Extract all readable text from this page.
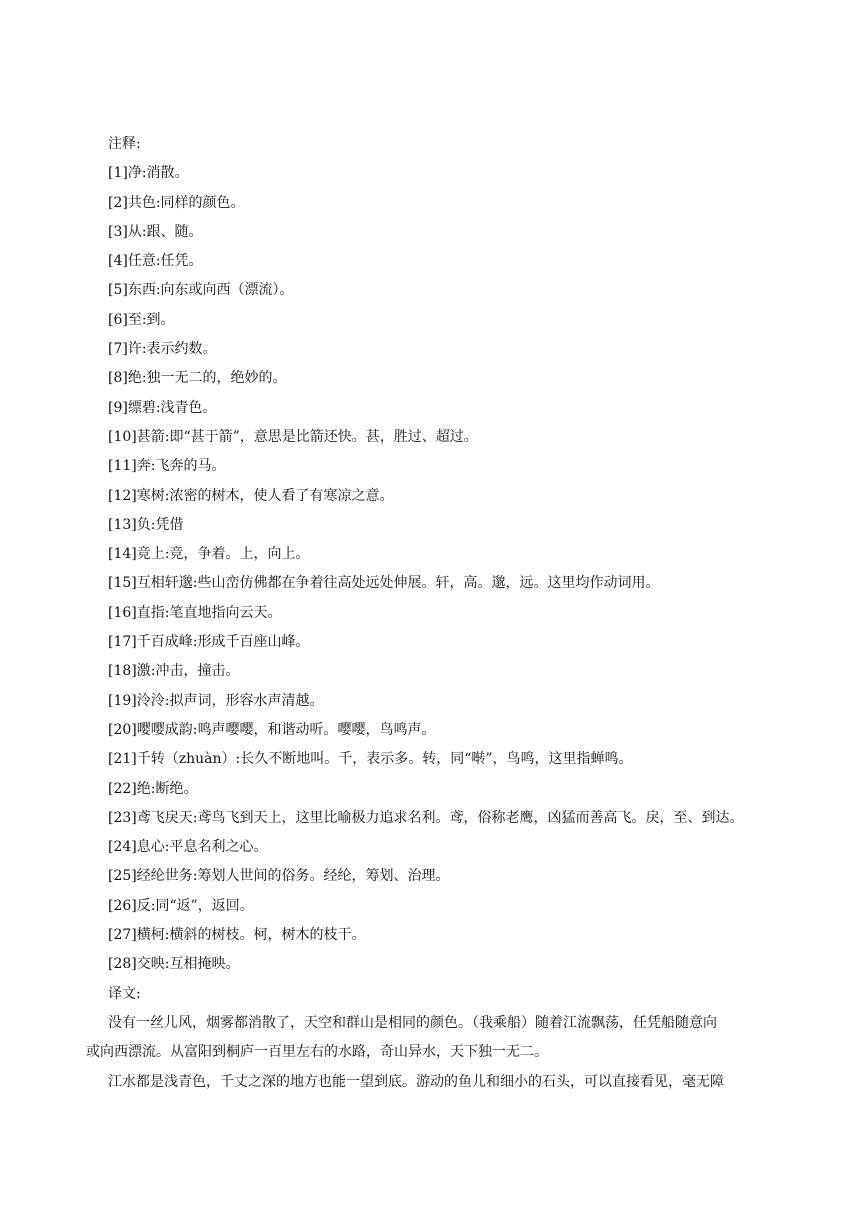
注释:

[1]净:消散。

[2]共色:同样的颜色。

[3]从:跟、随。

[4]任意:任凭。

[5]东西:向东或向西（漂流）。

[6]至:到。

[7]许:表示约数。

[8]绝:独一无二的，绝妙的。

[9]缥碧:浅青色。

[10]甚箭:即“甚于箭”，意思是比箭还快。甚，胜过、超过。

[11]奔:飞奔的马。

[12]寒树:浓密的树木，使人看了有寒凉之意。

[13]负:凭借

[14]竞上:竞，争着。上，向上。

[15]互相轩邈:些山峦仿佛都在争着往高处远处伸展。轩，高。邈，远。这里均作动词用。

[16]直指:笔直地指向云天。

[17]千百成峰:形成千百座山峰。

[18]激:冲击，撞击。

[19]泠泠:拟声词，形容水声清越。

[20]嘤嘤成韵:鸣声嘤嘤，和谐动听。嘤嘤，鸟鸣声。

[21]千转（zhuàn）:长久不断地叫。千，表示多。转，同“啭”，鸟鸣，这里指蝉鸣。

[22]绝:断绝。

[23]鸢飞戾天:鸢鸟飞到天上，这里比喻极力追求名利。鸢，俗称老鹰，凶猛而善高飞。戾，至、到达。

[24]息心:平息名利之心。

[25]经纶世务:筹划人世间的俗务。经纶，筹划、治理。

[26]反:同“返”，返回。

[27]横柯:横斜的树枝。柯，树木的枝干。

[28]交映:互相掩映。

译文:

没有一丝儿风，烟雾都消散了，天空和群山是相同的颜色。（我乘船）随着江流飘荡，任凭船随意向
或向西漂流。从富阳到桐庐一百里左右的水路，奇山异水，天下独一无二。
江水都是浅青色，千丈之深的地方也能一望到底。游动的鱼儿和细小的石头，可以直接看见，毫无障
